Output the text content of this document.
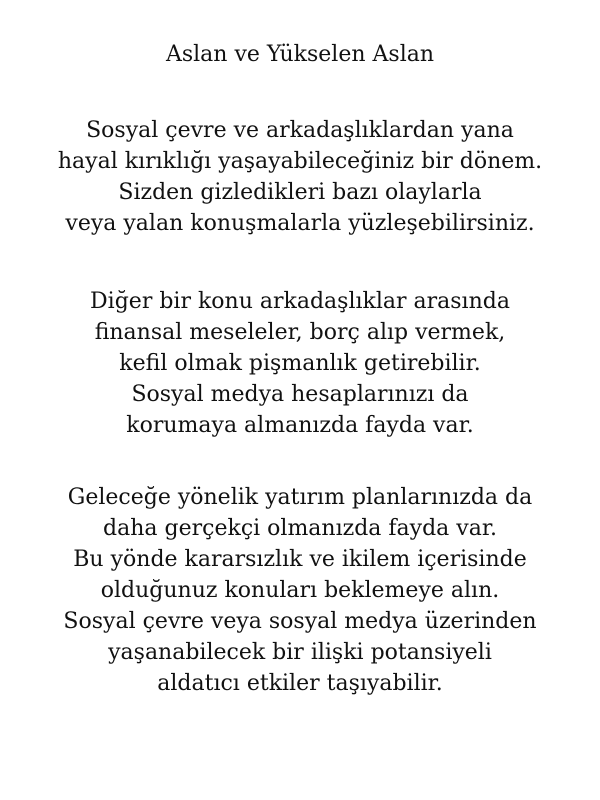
Aslan ve Yükselen Aslan
Sosyal çevre ve arkadaşlıklardan yana
hayal kırıklığı yaşayabileceğiniz bir dönem.
Sizden gizledikleri bazı olaylarla
veya yalan konuşmalarla yüzleşebilirsiniz.
Diğer bir konu arkadaşlıklar arasında
finansal meseleler, borç alıp vermek,
kefil olmak pişmanlık getirebilir.
Sosyal medya hesaplarınızı da
korumaya almanızda fayda var.
Geleceğe yönelik yatırım planlarınızda da
daha gerçekçi olmanızda fayda var.
Bu yönde kararsızlık ve ikilem içerisinde
olduğunuz konuları beklemeye alın.
Sosyal çevre veya sosyal medya üzerinden
yaşanabilecek bir ilişki potansiyeli
aldatıcı etkiler taşıyabilir.
